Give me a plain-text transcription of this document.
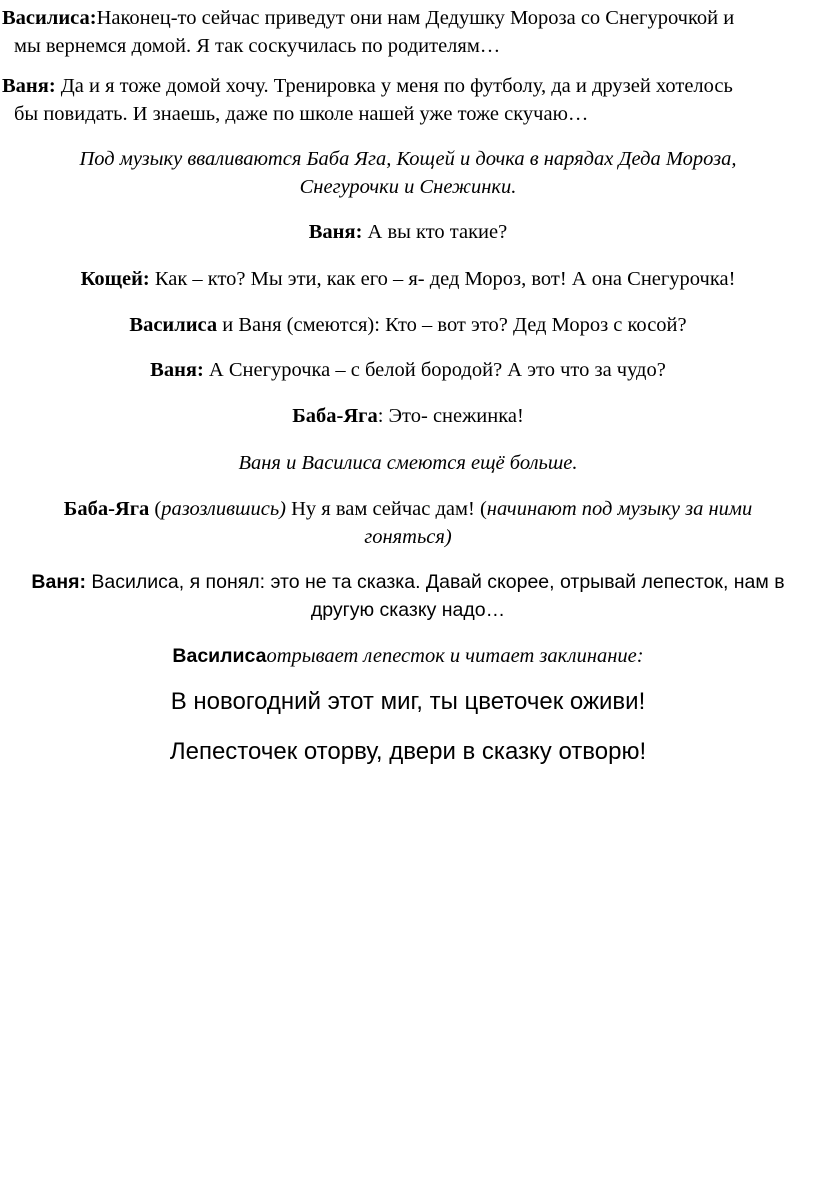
Василиса:Наконец-то сейчас приведут они нам Дедушку Мороза со Снегурочкой и
мы вернемся домой. Я так соскучилась по родителям…

Ваня: Да и я тоже домой хочу. Тренировка у меня по футболу, да и друзей хотелось
бы повидать. И знаешь, даже по школе нашей уже тоже скучаю…

Под музыку вваливаются Баба Яга, Кощей и дочка в нарядах Деда Мороза,
Снегурочки и Снежинки.

Ваня: А вы кто такие?

Кощей: Как – кто? Мы эти, как его – я- дед Мороз, вот! А она Снегурочка!

Василиса и Ваня (смеются): Кто – вот это? Дед Мороз с косой?

Ваня: А Снегурочка – с белой бородой? А это что за чудо?

Баба-Яга: Это- снежинка!

Ваня и Василиса смеются ещё больше.

Баба-Яга (разозлившись) Ну я вам сейчас дам! (начинают под музыку за ними
гоняться)

Ваня: Василиса, я понял: это не та сказка. Давай скорее, отрывай лепесток, нам в
другую сказку надо…

Василисаотрывает лепесток и читает заклинание:

В новогодний этот миг, ты цветочек оживи!

Лепесточек оторву, двери в сказку отворю!
